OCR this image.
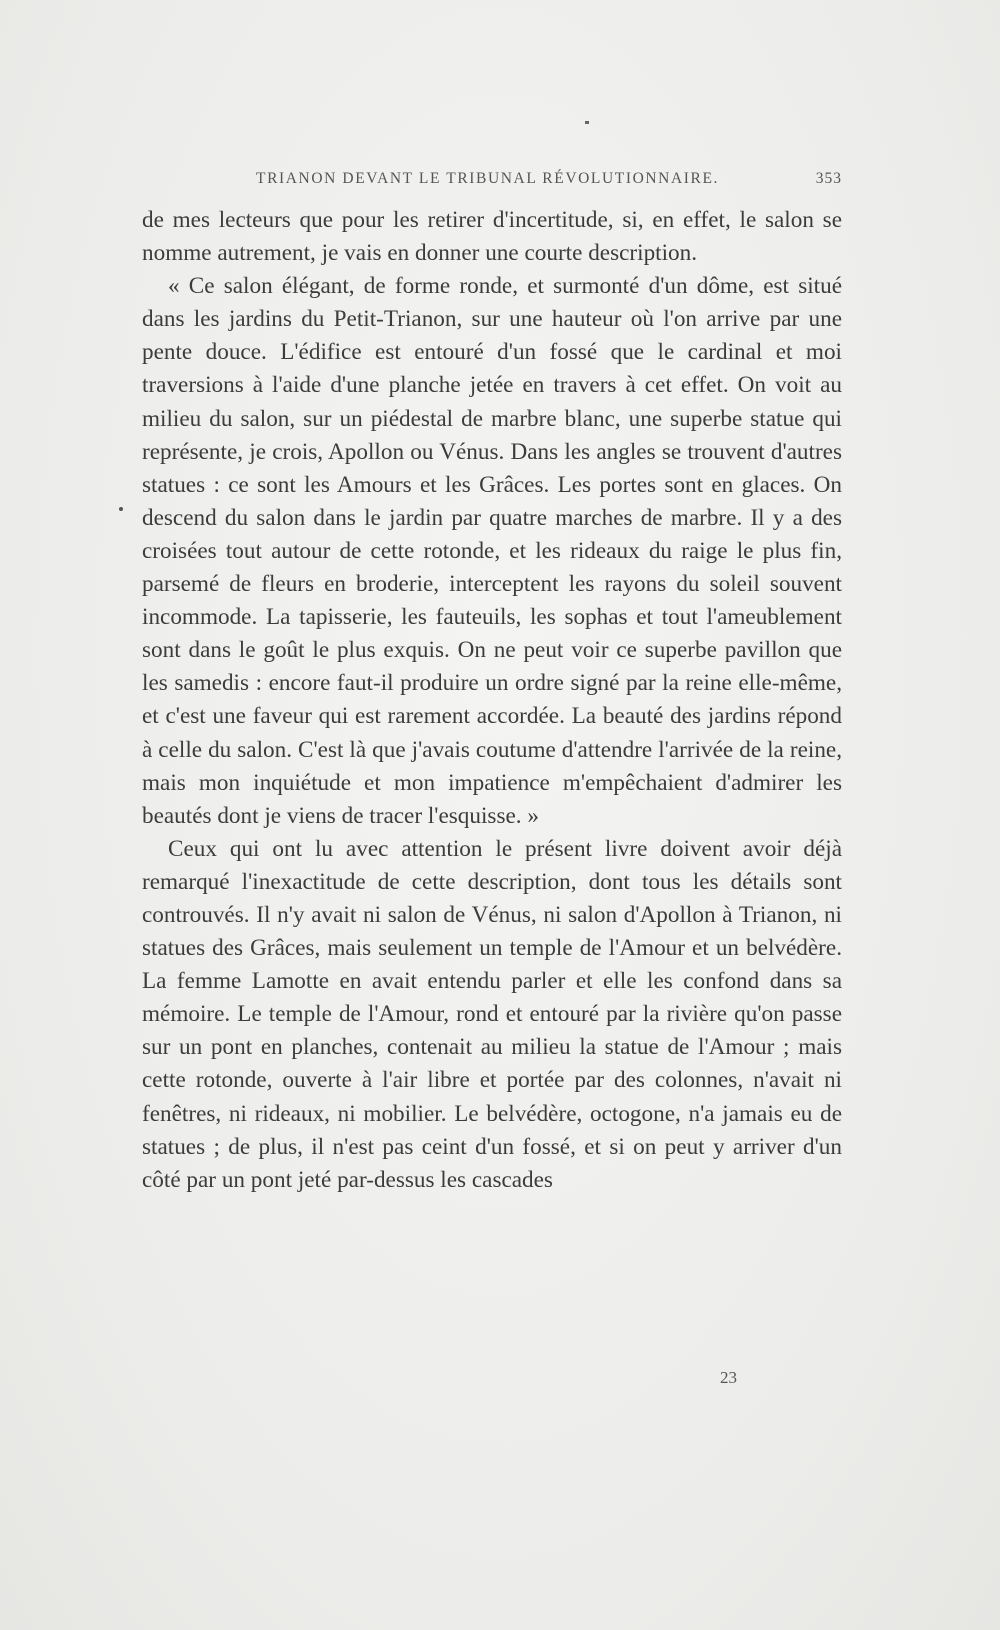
TRIANON DEVANT LE TRIBUNAL RÉVOLUTIONNAIRE.	353

de mes lecteurs que pour les retirer d'incertitude, si, en effet, le salon se nomme autrement, je vais en donner une courte description.

« Ce salon élégant, de forme ronde, et surmonté d'un dôme, est situé dans les jardins du Petit-Trianon, sur une hauteur où l'on arrive par une pente douce. L'édifice est entouré d'un fossé que le cardinal et moi traversions à l'aide d'une planche jetée en travers à cet effet. On voit au milieu du salon, sur un piédestal de marbre blanc, une superbe statue qui représente, je crois, Apollon ou Vénus. Dans les angles se trouvent d'autres statues : ce sont les Amours et les Grâces. Les portes sont en glaces. On descend du salon dans le jardin par quatre marches de marbre. Il y a des croisées tout autour de cette rotonde, et les rideaux du raige le plus fin, parsemé de fleurs en broderie, interceptent les rayons du soleil souvent incommode. La tapisserie, les fauteuils, les sophas et tout l'ameublement sont dans le goût le plus exquis. On ne peut voir ce superbe pavillon que les samedis : encore faut-il produire un ordre signé par la reine elle-même, et c'est une faveur qui est rarement accordée. La beauté des jardins répond à celle du salon. C'est là que j'avais coutume d'attendre l'arrivée de la reine, mais mon inquiétude et mon impatience m'empêchaient d'admirer les beautés dont je viens de tracer l'esquisse. »

Ceux qui ont lu avec attention le présent livre doivent avoir déjà remarqué l'inexactitude de cette description, dont tous les détails sont controuvés. Il n'y avait ni salon de Vénus, ni salon d'Apollon à Trianon, ni statues des Grâces, mais seulement un temple de l'Amour et un belvédère. La femme Lamotte en avait entendu parler et elle les confond dans sa mémoire. Le temple de l'Amour, rond et entouré par la rivière qu'on passe sur un pont en planches, contenait au milieu la statue de l'Amour ; mais cette rotonde, ouverte à l'air libre et portée par des colonnes, n'avait ni fenêtres, ni rideaux, ni mobilier. Le belvédère, octogone, n'a jamais eu de statues ; de plus, il n'est pas ceint d'un fossé, et si on peut y arriver d'un côté par un pont jeté par-dessus les cascades

23
